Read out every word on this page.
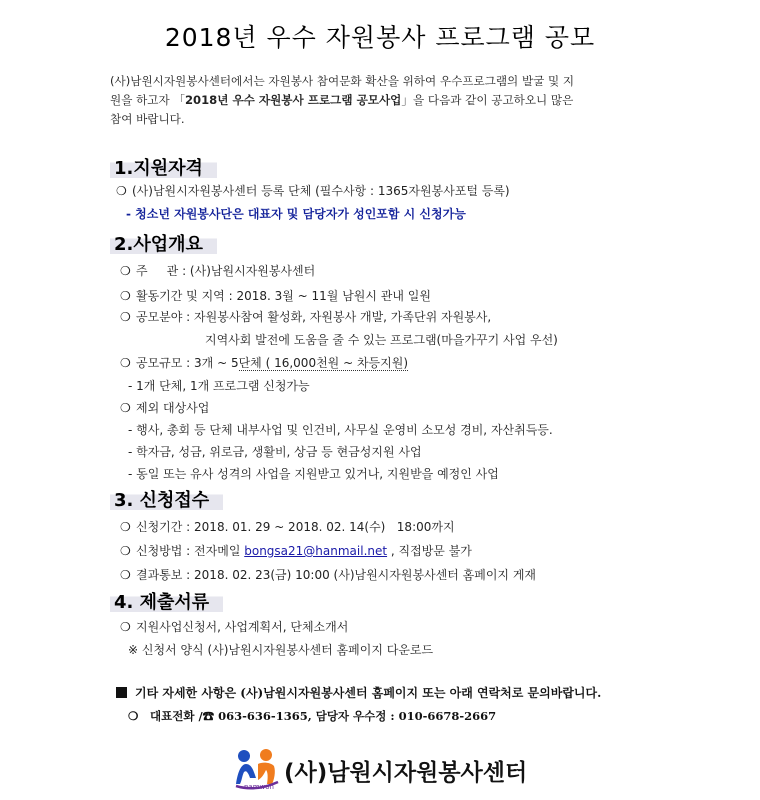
2018년 우수 자원봉사 프로그램 공모
(사)남원시자원봉사센터에서는 자원봉사 참여문화 확산을 위하여 우수프로그램의 발굴 및 지
원을 하고자 「2018년 우수 자원봉사 프로그램 공모사업」을 다음과 같이 공고하오니 많은
참여 바랍니다.
1.지원자격
❍ (사)남원시자원봉사센터 등록 단체 (필수사항 : 1365자원봉사포털 등록)
- 청소년 자원봉사단은 대표자 및 담당자가 성인포함 시 신청가능
2.사업개요
❍ 주     관 : (사)남원시자원봉사센터
❍ 활동기간 및 지역 : 2018. 3월 ~ 11월 남원시 관내 일원
❍ 공모분야 : 자원봉사참여 활성화, 자원봉사 개발, 가족단위 자원봉사,
지역사회 발전에 도움을 줄 수 있는 프로그램(마을가꾸기 사업 우선)
❍ 공모규모 : 3개 ~ 5단체 ( 16,000천원 ~ 차등지원)
- 1개 단체, 1개 프로그램 신청가능
❍ 제외 대상사업
- 행사, 총회 등 단체 내부사업 및 인건비, 사무실 운영비 소모성 경비, 자산취득등.
- 학자금, 성금, 위로금, 생활비, 상금 등 현금성지원 사업
- 동일 또는 유사 성격의 사업을 지원받고 있거나, 지원받을 예정인 사업
3. 신청접수
❍ 신청기간 : 2018. 01. 29 ~ 2018. 02. 14(수)   18:00까지
❍ 신청방법 : 전자메일 bongsa21@hanmail.net , 직접방문 불가
❍ 결과통보 : 2018. 02. 23(금) 10:00 (사)남원시자원봉사센터 홈페이지 게재
4. 제출서류
❍ 지원사업신청서, 사업계획서, 단체소개서
※ 신청서 양식 (사)남원시자원봉사센터 홈페이지 다운로드
기타 자세한 사항은 (사)남원시자원봉사센터 홈페이지 또는 아래 연락처로 문의바랍니다.
❍ 대표전화 /☎ 063-636-1365, 담당자 우수정 : 010-6678-2667
namwon
(사)남원시자원봉사센터
